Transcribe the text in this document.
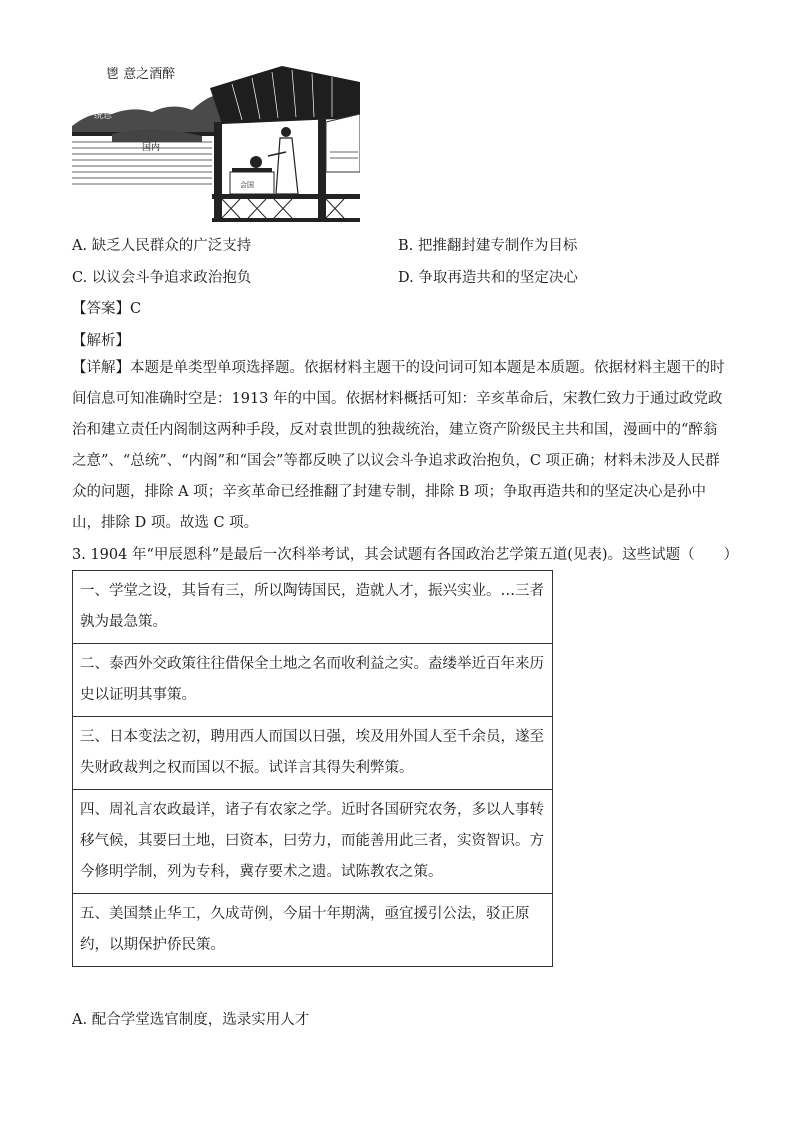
鬯 意之酒醉
统总
国内
会国
A. 缺乏人民群众的广泛支持	B. 把推翻封建专制作为目标
C. 以议会斗争追求政治抱负	D. 争取再造共和的坚定决心
【答案】C
【解析】
【详解】本题是单类型单项选择题。依据材料主题干的设问词可知本题是本质题。依据材料主题干的时间信息可知准确时空是：1913 年的中国。依据材料概括可知：辛亥革命后，宋教仁致力于通过政党政治和建立责任内阁制这两种手段，反对袁世凯的独裁统治，建立资产阶级民主共和国，漫画中的“醉翁之意”、“总统”、“内阁”和“国会”等都反映了以议会斗争追求政治抱负，C 项正确；材料未涉及人民群众的问题，排除 A 项；辛亥革命已经推翻了封建专制，排除 B 项；争取再造共和的坚定决心是孙中山，排除 D 项。故选 C 项。
3. 1904 年“甲辰恩科”是最后一次科举考试，其会试题有各国政治艺学策五道(见表)。这些试题（　　）
一、学堂之设，其旨有三，所以陶铸国民，造就人才，振兴实业。…三者孰为最急策。
二、泰西外交政策往往借保全土地之名而收利益之实。盍缕举近百年来历史以证明其事策。
三、日本变法之初，聘用西人而国以日强，埃及用外国人至千余员，遂至失财政裁判之权而国以不振。试详言其得失利弊策。
四、周礼言农政最详，诸子有农家之学。近时各国研究农务，多以人事转移气候，其要曰土地，曰资本，曰劳力，而能善用此三者，实资智识。方今修明学制，列为专科，冀存要术之遗。试陈教农之策。
五、美国禁止华工，久成苛例，今届十年期满，亟宜援引公法，驳正原约，以期保护侨民策。
A. 配合学堂选官制度，选录实用人才
